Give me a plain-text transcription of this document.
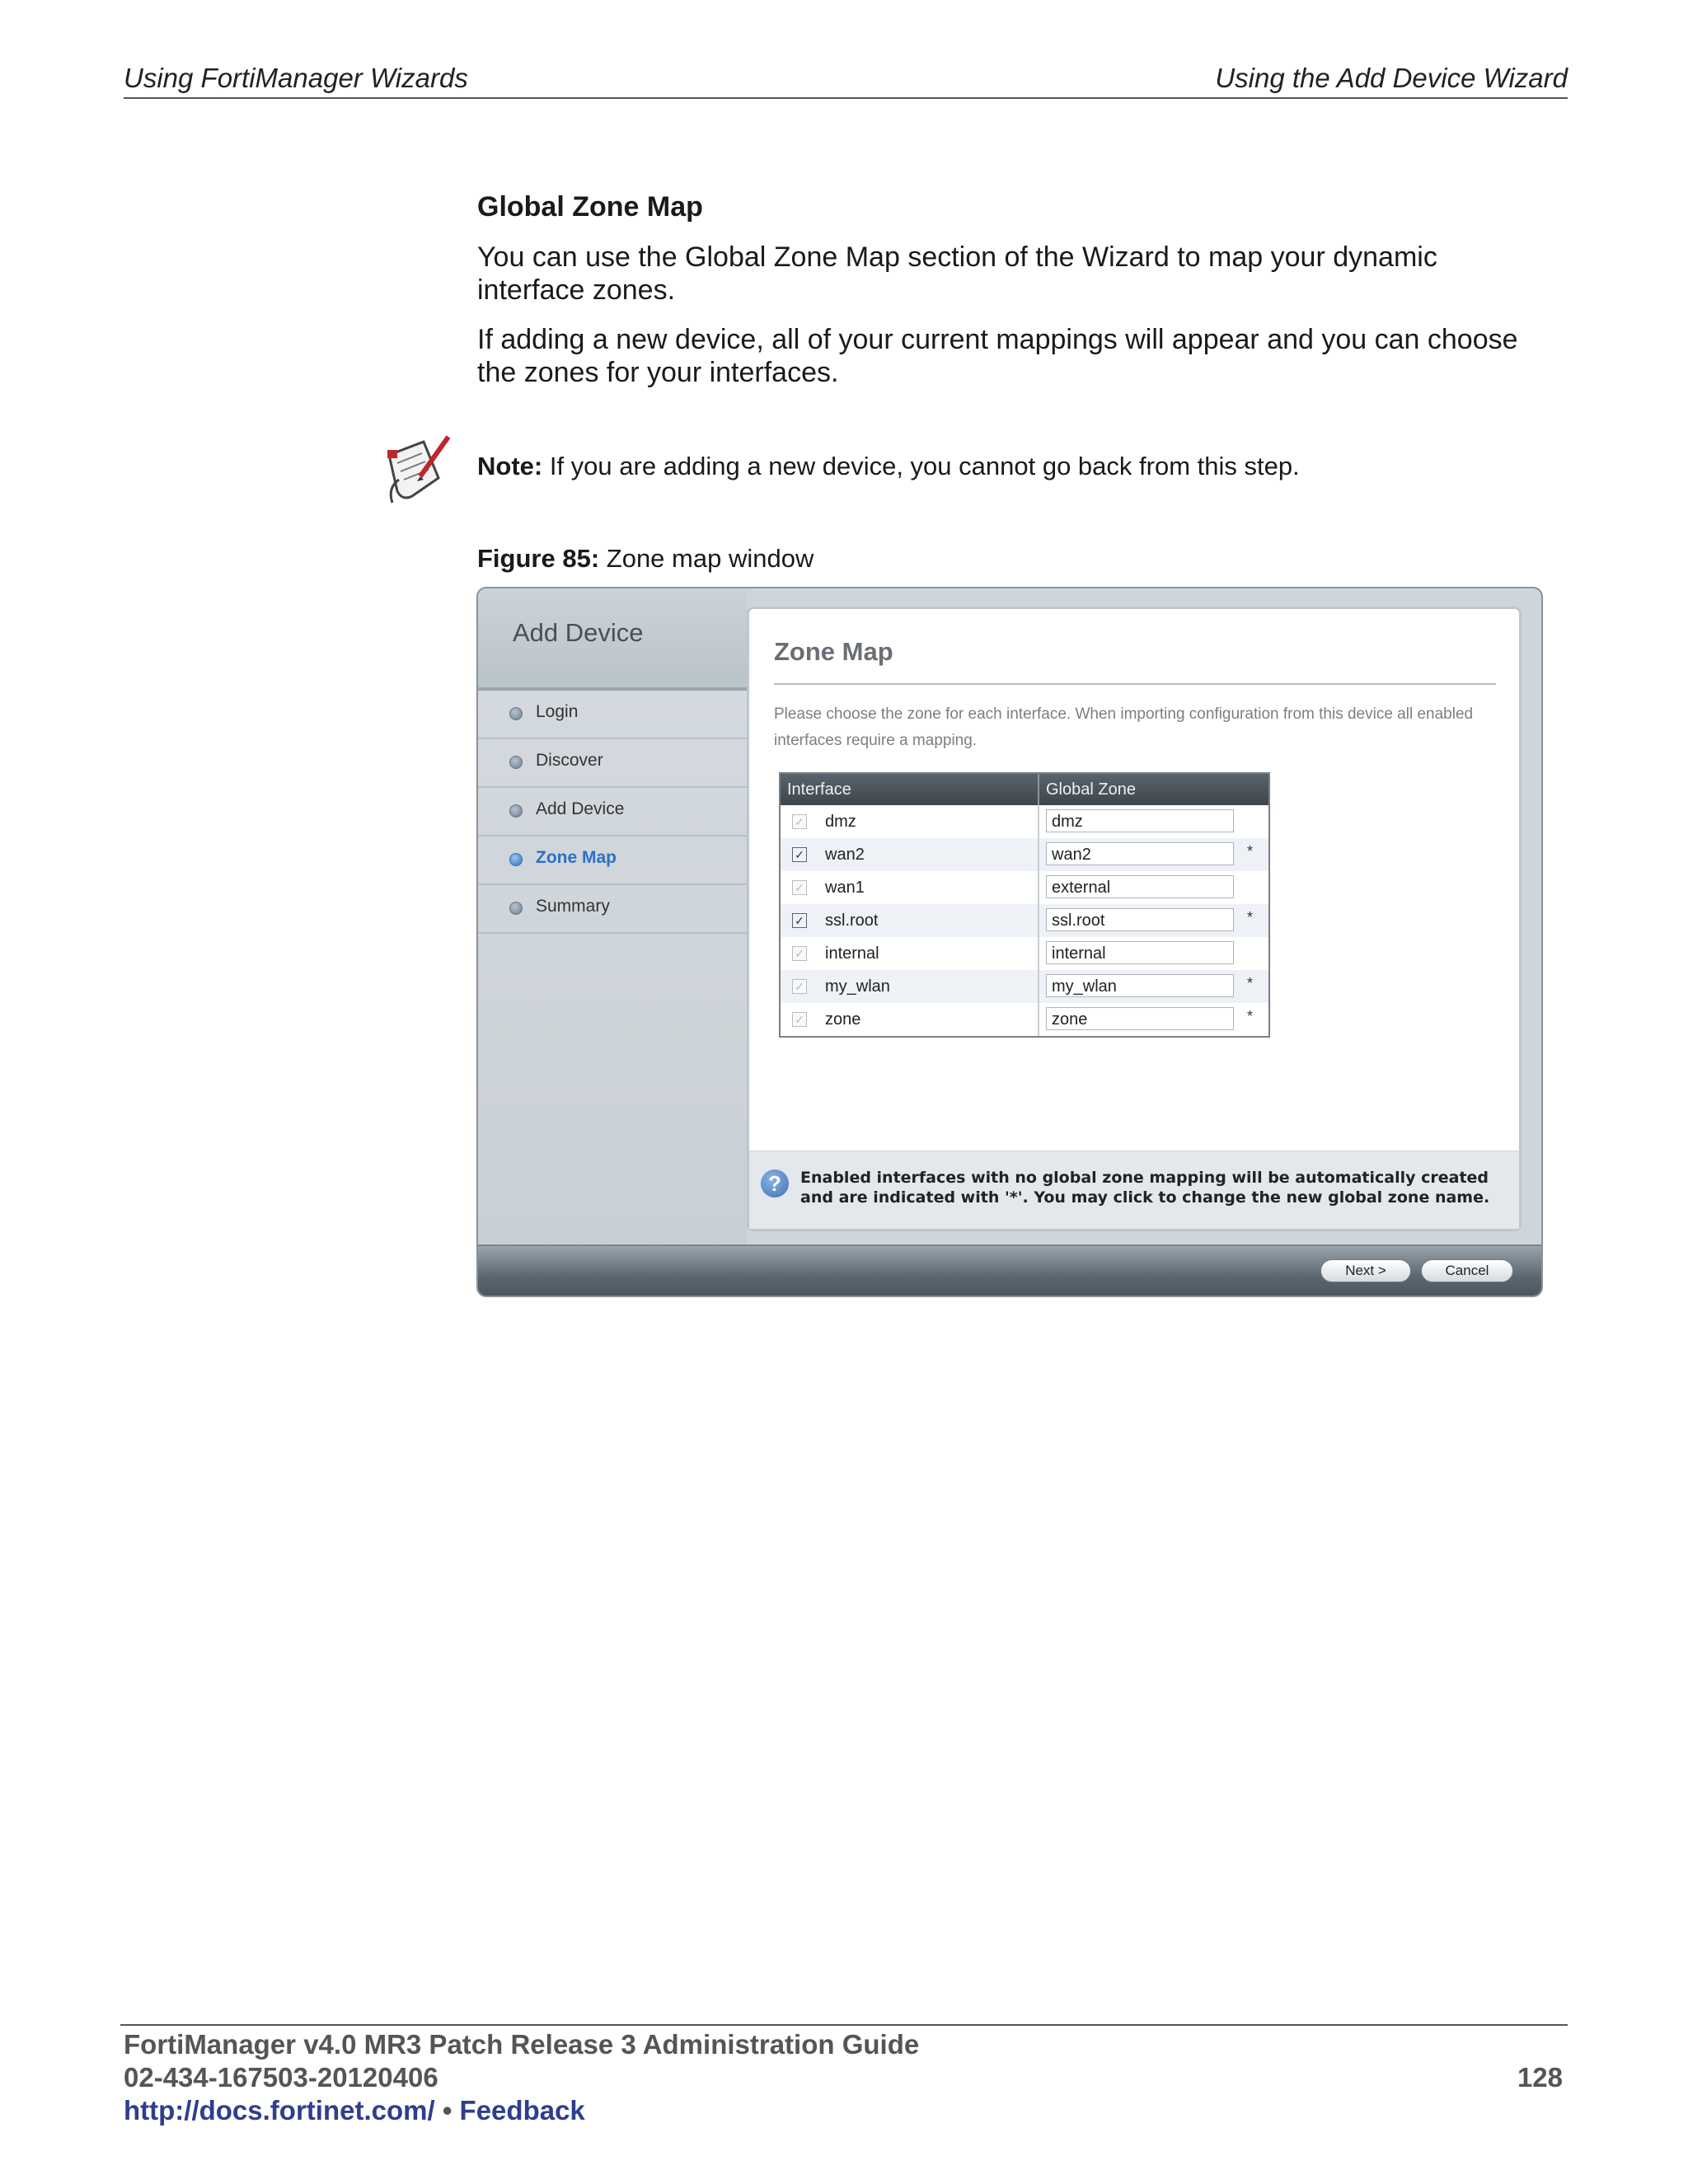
Using FortiManager Wizards	Using the Add Device Wizard
Global Zone Map
You can use the Global Zone Map section of the Wizard to map your dynamic interface zones.
If adding a new device, all of your current mappings will appear and you can choose the zones for your interfaces.
Note: If you are adding a new device, you cannot go back from this step.
Figure 85: Zone map window
Add Device
Login
Discover
Add Device
Zone Map
Summary
Zone Map
Please choose the zone for each interface. When importing configuration from this device all enabled interfaces require a mapping.
Interface	Global Zone
✓ dmz	dmz
✓ wan2	wan2	*
✓ wan1	external
✓ ssl.root	ssl.root	*
✓ internal	internal
✓ my_wlan	my_wlan	*
✓ zone	zone	*
?	Enabled interfaces with no global zone mapping will be automatically created and are indicated with '*'. You may click to change the new global zone name.
Next >	Cancel
FortiManager v4.0 MR3 Patch Release 3 Administration Guide
02-434-167503-20120406
http://docs.fortinet.com/ • Feedback
128
